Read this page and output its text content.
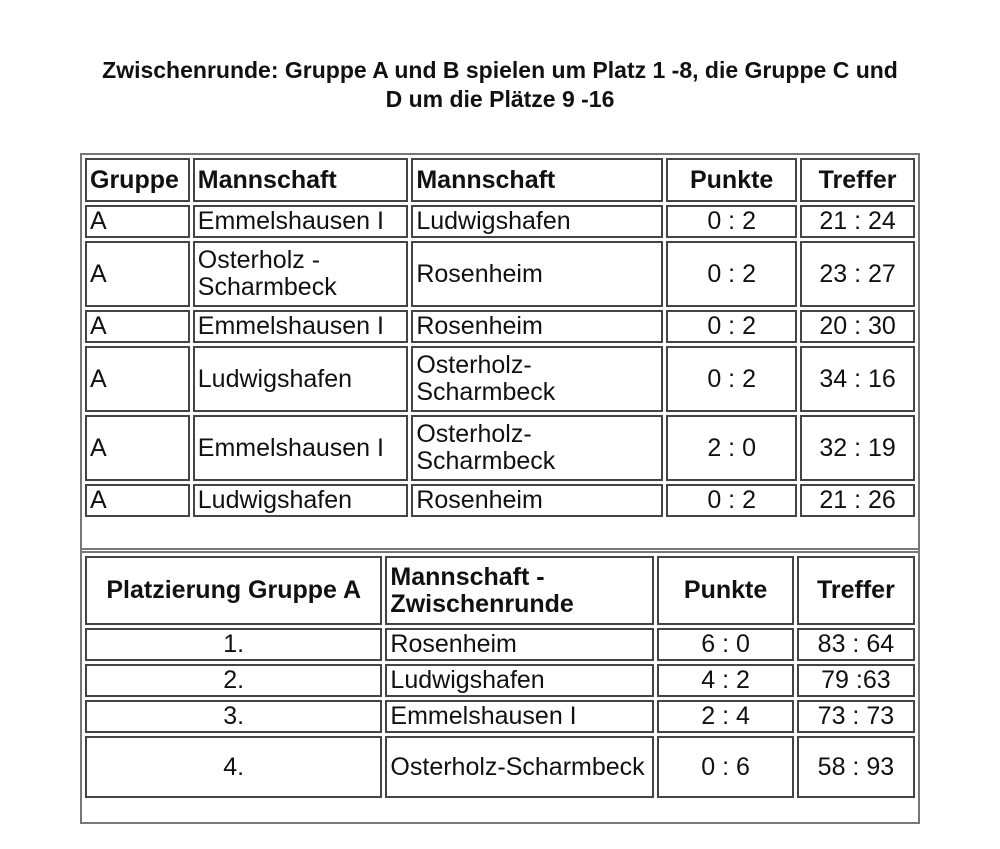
Zwischenrunde: Gruppe A und B spielen um Platz 1 -8, die Gruppe C und
D um die Plätze 9 -16
Gruppe	Mannschaft	Mannschaft	Punkte	Treffer
A	Emmelshausen I	Ludwigshafen	0 : 2	21 : 24
A	Osterholz - Scharmbeck	Rosenheim	0 : 2	23 : 27
A	Emmelshausen I	Rosenheim	0 : 2	20 : 30
A	Ludwigshafen	Osterholz-Scharmbeck	0 : 2	34 : 16
A	Emmelshausen I	Osterholz-Scharmbeck	2 : 0	32 : 19
A	Ludwigshafen	Rosenheim	0 : 2	21 : 26
Platzierung Gruppe A	Mannschaft - Zwischenrunde	Punkte	Treffer
1.	Rosenheim	6 : 0	83 : 64
2.	Ludwigshafen	4 : 2	79 :63
3.	Emmelshausen I	2 : 4	73 : 73
4.	Osterholz-Scharmbeck	0 : 6	58 : 93
